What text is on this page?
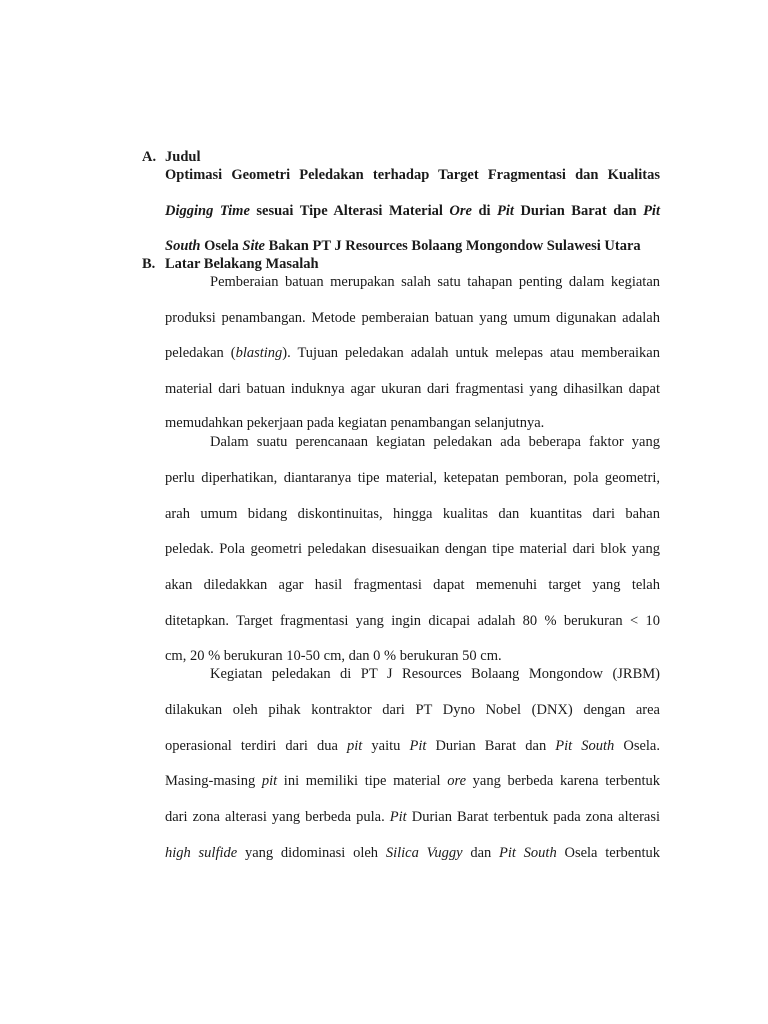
A. Judul
Optimasi Geometri Peledakan terhadap Target Fragmentasi dan Kualitas
Digging Time sesuai Tipe Alterasi Material Ore di Pit Durian Barat dan Pit
South Osela Site Bakan PT J Resources Bolaang Mongondow Sulawesi Utara
B. Latar Belakang Masalah
Pemberaian batuan merupakan salah satu tahapan penting dalam kegiatan
produksi penambangan. Metode pemberaian batuan yang umum digunakan adalah
peledakan (blasting). Tujuan peledakan adalah untuk melepas atau memberaikan
material dari batuan induknya agar ukuran dari fragmentasi yang dihasilkan dapat
memudahkan pekerjaan pada kegiatan penambangan selanjutnya.
Dalam suatu perencanaan kegiatan peledakan ada beberapa faktor yang
perlu diperhatikan, diantaranya tipe material, ketepatan pemboran, pola geometri,
arah umum bidang diskontinuitas, hingga kualitas dan kuantitas dari bahan
peledak. Pola geometri peledakan disesuaikan dengan tipe material dari blok yang
akan diledakkan agar hasil fragmentasi dapat memenuhi target yang telah
ditetapkan. Target fragmentasi yang ingin dicapai adalah 80 % berukuran < 10
cm, 20 % berukuran 10-50 cm, dan 0 % berukuran 50 cm.
Kegiatan peledakan di PT J Resources Bolaang Mongondow (JRBM)
dilakukan oleh pihak kontraktor dari PT Dyno Nobel (DNX) dengan area
operasional terdiri dari dua pit yaitu Pit Durian Barat dan Pit South Osela.
Masing-masing pit ini memiliki tipe material ore yang berbeda karena terbentuk
dari zona alterasi yang berbeda pula. Pit Durian Barat terbentuk pada zona alterasi
high sulfide yang didominasi oleh Silica Vuggy dan Pit South Osela terbentuk
